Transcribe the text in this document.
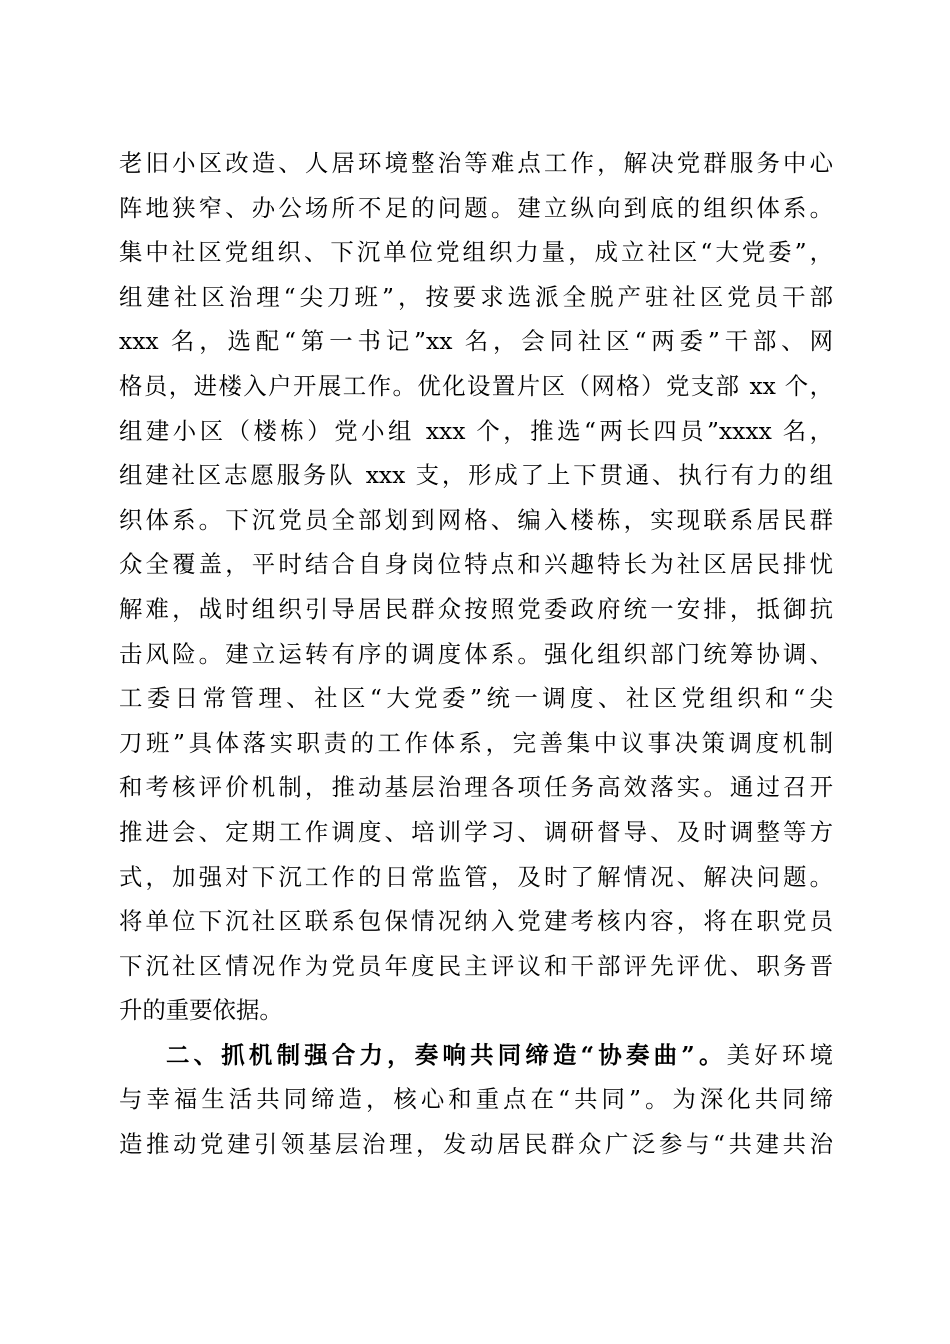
老旧小区改造、人居环境整治等难点工作，解决党群服务中心
阵地狭窄、办公场所不足的问题。建立纵向到底的组织体系。
集中社区党组织、下沉单位党组织力量，成立社区“大党委”，
组建社区治理“尖刀班”，按要求选派全脱产驻社区党员干部
xxx 名，选配“第一书记”xx 名，会同社区“两委”干部、网
格员，进楼入户开展工作。优化设置片区（网格）党支部 xx 个，
组建小区（楼栋）党小组 xxx 个，推选“两长四员”xxxx 名，
组建社区志愿服务队 xxx 支，形成了上下贯通、执行有力的组
织体系。下沉党员全部划到网格、编入楼栋，实现联系居民群
众全覆盖，平时结合自身岗位特点和兴趣特长为社区居民排忧
解难，战时组织引导居民群众按照党委政府统一安排，抵御抗
击风险。建立运转有序的调度体系。强化组织部门统筹协调、
工委日常管理、社区“大党委”统一调度、社区党组织和“尖
刀班”具体落实职责的工作体系，完善集中议事决策调度机制
和考核评价机制，推动基层治理各项任务高效落实。通过召开
推进会、定期工作调度、培训学习、调研督导、及时调整等方
式，加强对下沉工作的日常监管，及时了解情况、解决问题。
将单位下沉社区联系包保情况纳入党建考核内容，将在职党员
下沉社区情况作为党员年度民主评议和干部评先评优、职务晋
升的重要依据。
二、抓机制强合力，奏响共同缔造“协奏曲”。美好环境
与幸福生活共同缔造，核心和重点在“共同”。为深化共同缔
造推动党建引领基层治理，发动居民群众广泛参与“共建共治
